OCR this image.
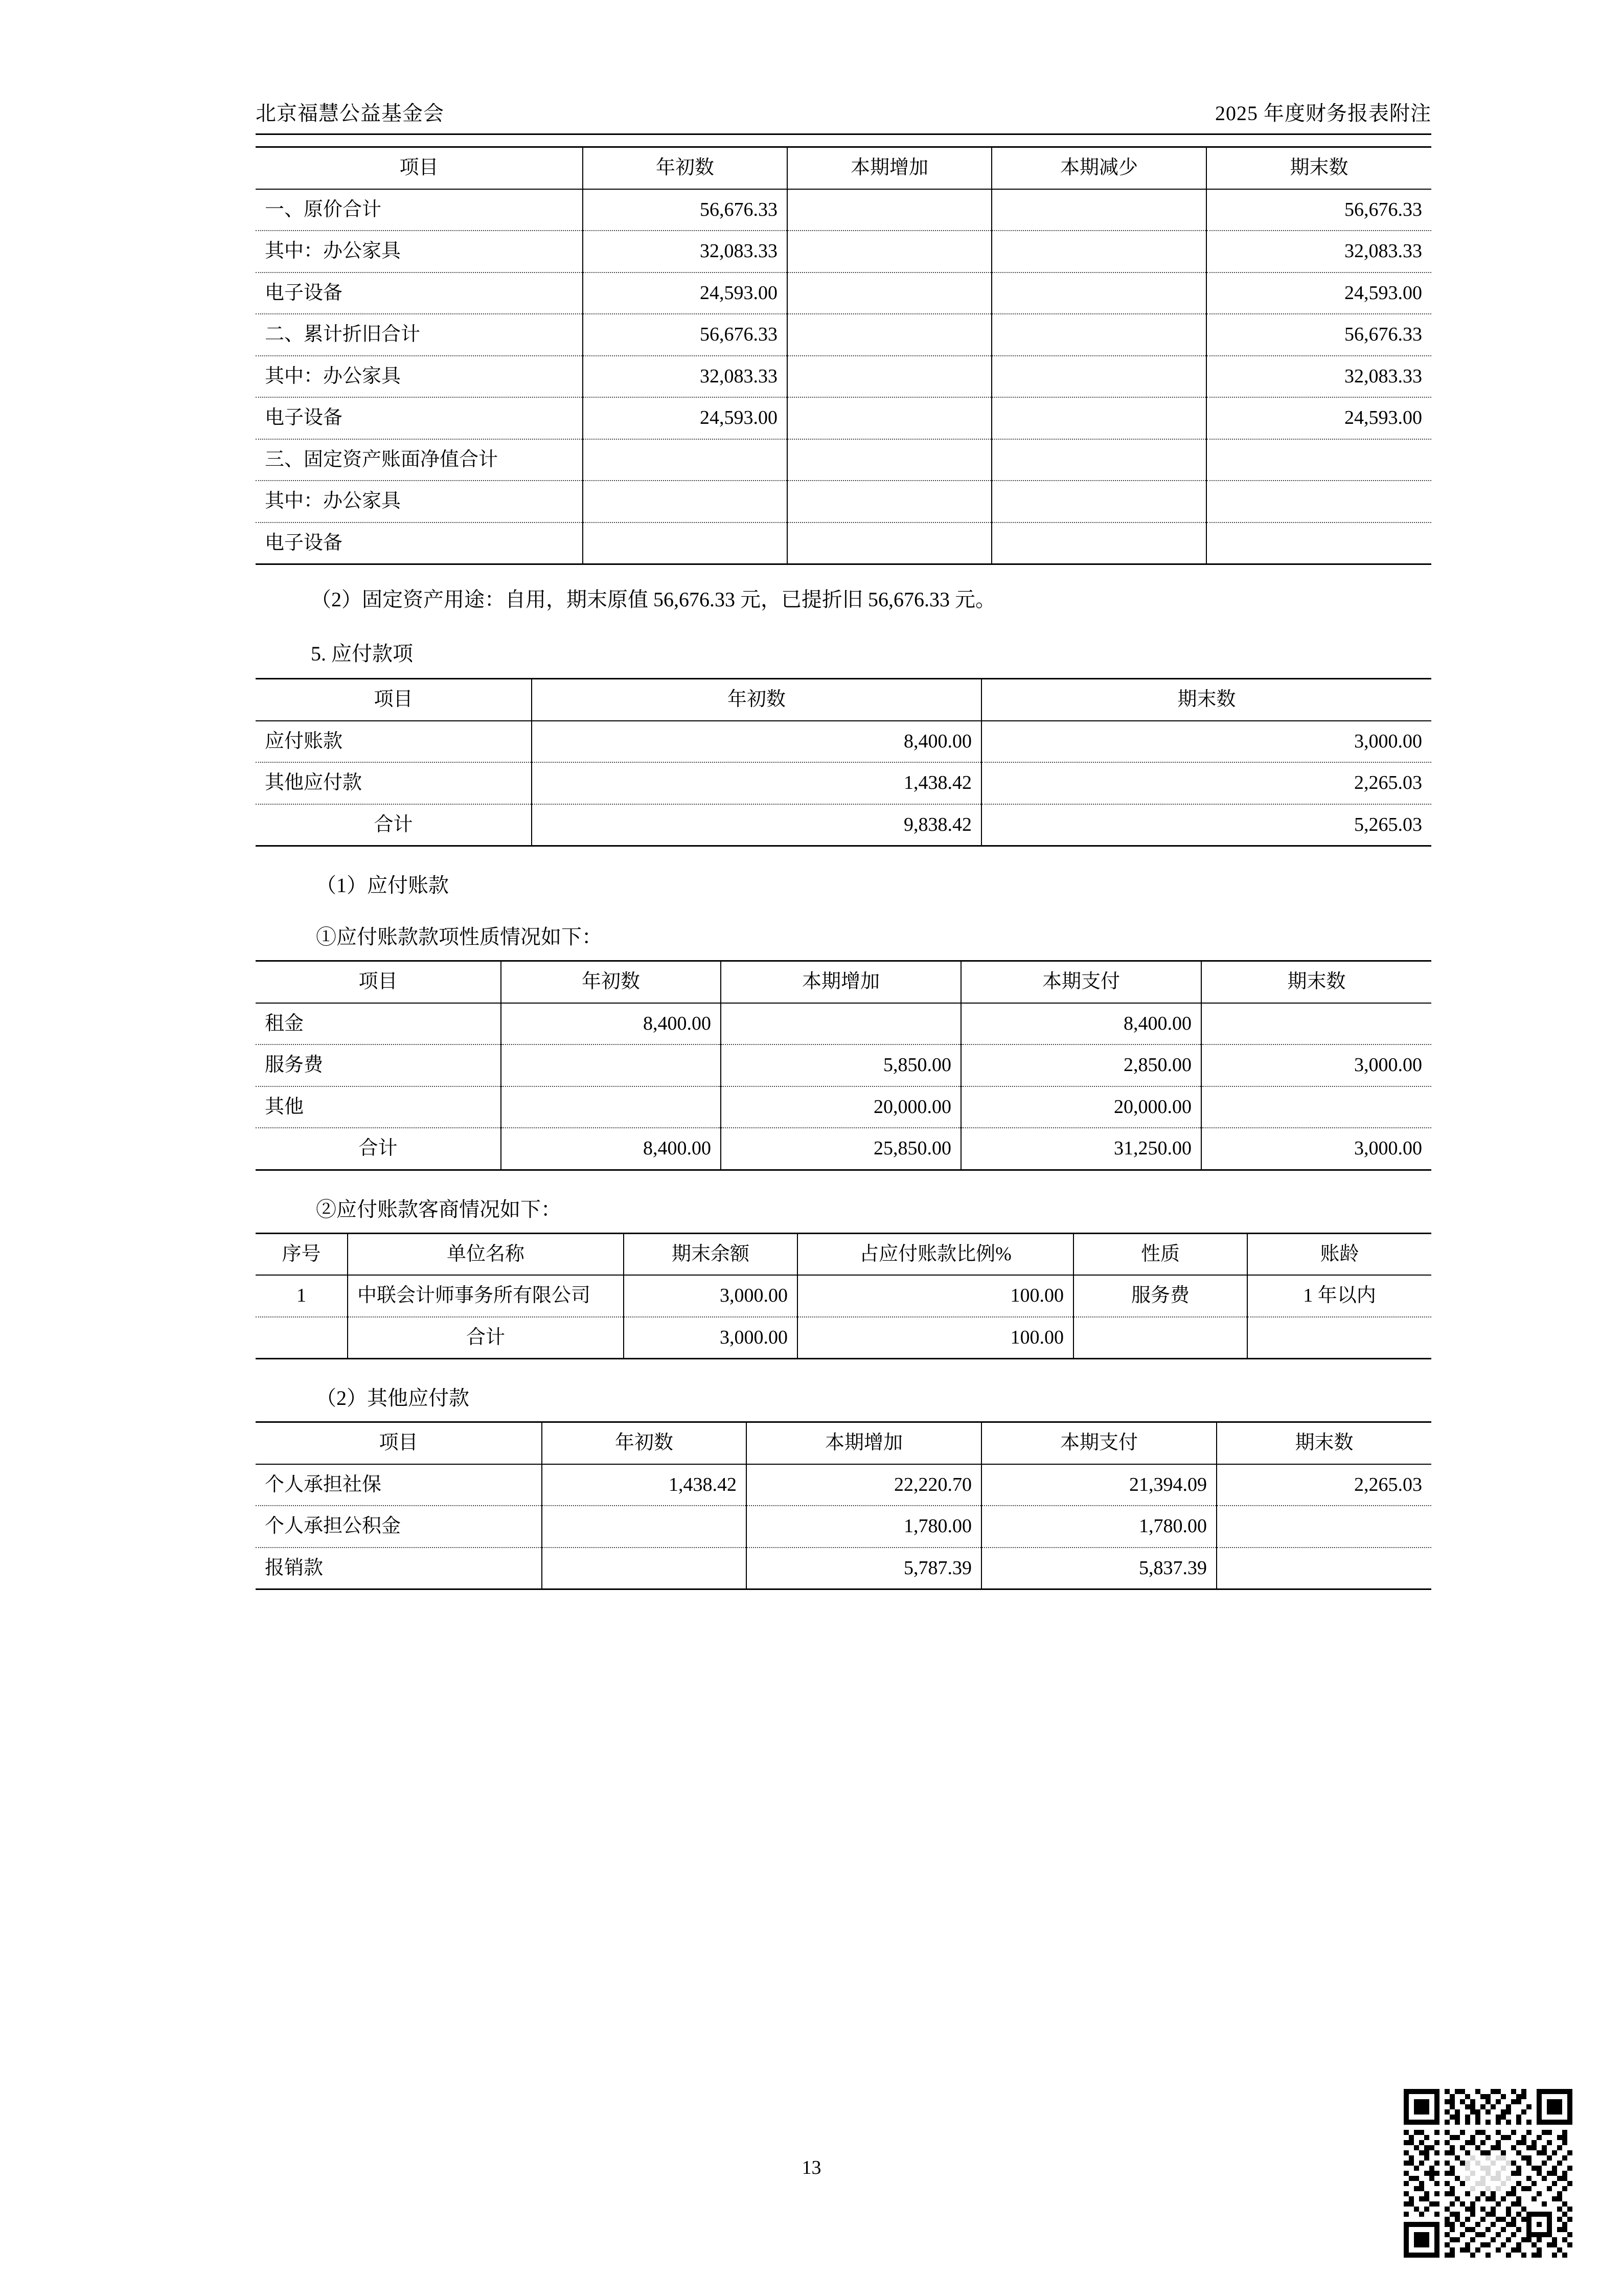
北京福慧公益基金会	2025 年度财务报表附注
项目	年初数	本期增加	本期减少	期末数
一、原价合计	56,676.33			56,676.33
其中：办公家具	32,083.33			32,083.33
电子设备	24,593.00			24,593.00
二、累计折旧合计	56,676.33			56,676.33
其中：办公家具	32,083.33			32,083.33
电子设备	24,593.00			24,593.00
三、固定资产账面净值合计				
其中：办公家具				
电子设备				
（2）固定资产用途：自用，期末原值 56,676.33 元，已提折旧 56,676.33 元。
5. 应付款项
项目	年初数	期末数
应付账款	8,400.00	3,000.00
其他应付款	1,438.42	2,265.03
合计	9,838.42	5,265.03
（1）应付账款
①应付账款款项性质情况如下：
项目	年初数	本期增加	本期支付	期末数
租金	8,400.00		8,400.00	
服务费		5,850.00	2,850.00	3,000.00
其他		20,000.00	20,000.00	
合计	8,400.00	25,850.00	31,250.00	3,000.00
②应付账款客商情况如下：
序号	单位名称	期末余额	占应付账款比例%	性质	账龄
1	中联会计师事务所有限公司	3,000.00	100.00	服务费	1 年以内
	合计	3,000.00	100.00		
（2）其他应付款
项目	年初数	本期增加	本期支付	期末数
个人承担社保	1,438.42	22,220.70	21,394.09	2,265.03
个人承担公积金		1,780.00	1,780.00	
报销款		5,787.39	5,837.39	
13
